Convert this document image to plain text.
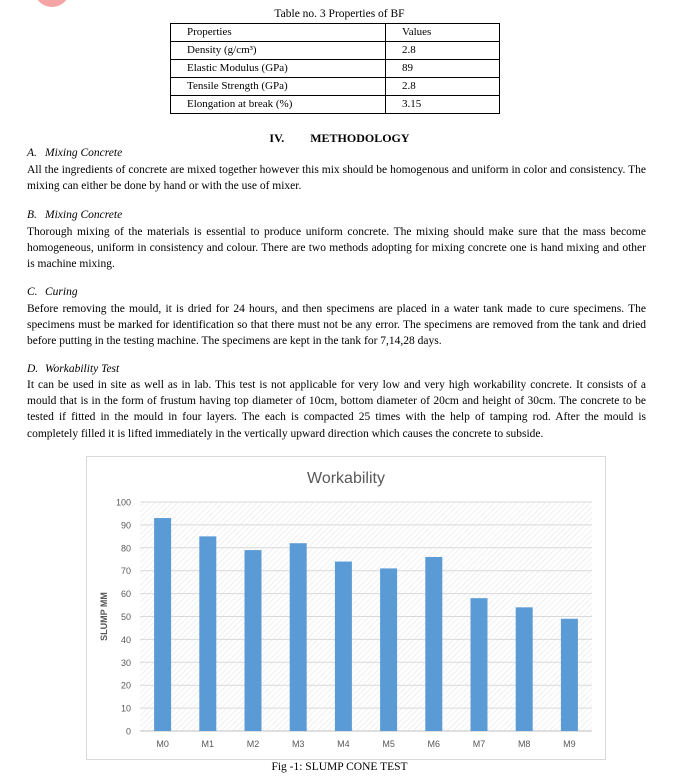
Table no. 3 Properties of BF
Properties	Values
Density (g/cm³)	2.8
Elastic Modulus (GPa)	89
Tensile Strength (GPa)	2.8
Elongation at break (%)	3.15
IV. METHODOLOGY
A. Mixing Concrete
All the ingredients of concrete are mixed together however this mix should be homogenous and uniform in color and consistency. The mixing can either be done by hand or with the use of mixer.
B. Mixing Concrete
Thorough mixing of the materials is essential to produce uniform concrete. The mixing should make sure that the mass become homogeneous, uniform in consistency and colour. There are two methods adopting for mixing concrete one is hand mixing and other is machine mixing.
C. Curing
Before removing the mould, it is dried for 24 hours, and then specimens are placed in a water tank made to cure specimens. The specimens must be marked for identification so that there must not be any error. The specimens are removed from the tank and dried before putting in the testing machine. The specimens are kept in the tank for 7,14,28 days.
D. Workability Test
It can be used in site as well as in lab. This test is not applicable for very low and very high workability concrete. It consists of a mould that is in the form of frustum having top diameter of 10cm, bottom diameter of 20cm and height of 30cm. The concrete to be tested if fitted in the mould in four layers. The each is compacted 25 times with the help of tamping rod. After the mould is completely filled it is lifted immediately in the vertically upward direction which causes the concrete to subside.
0
10
20
30
40
50
60
70
80
90
100
M0	M1	M2	M3	M4	M5	M6	M7	M8	M9
Workability
SLUMP MM
Fig -1: SLUMP CONE TEST
